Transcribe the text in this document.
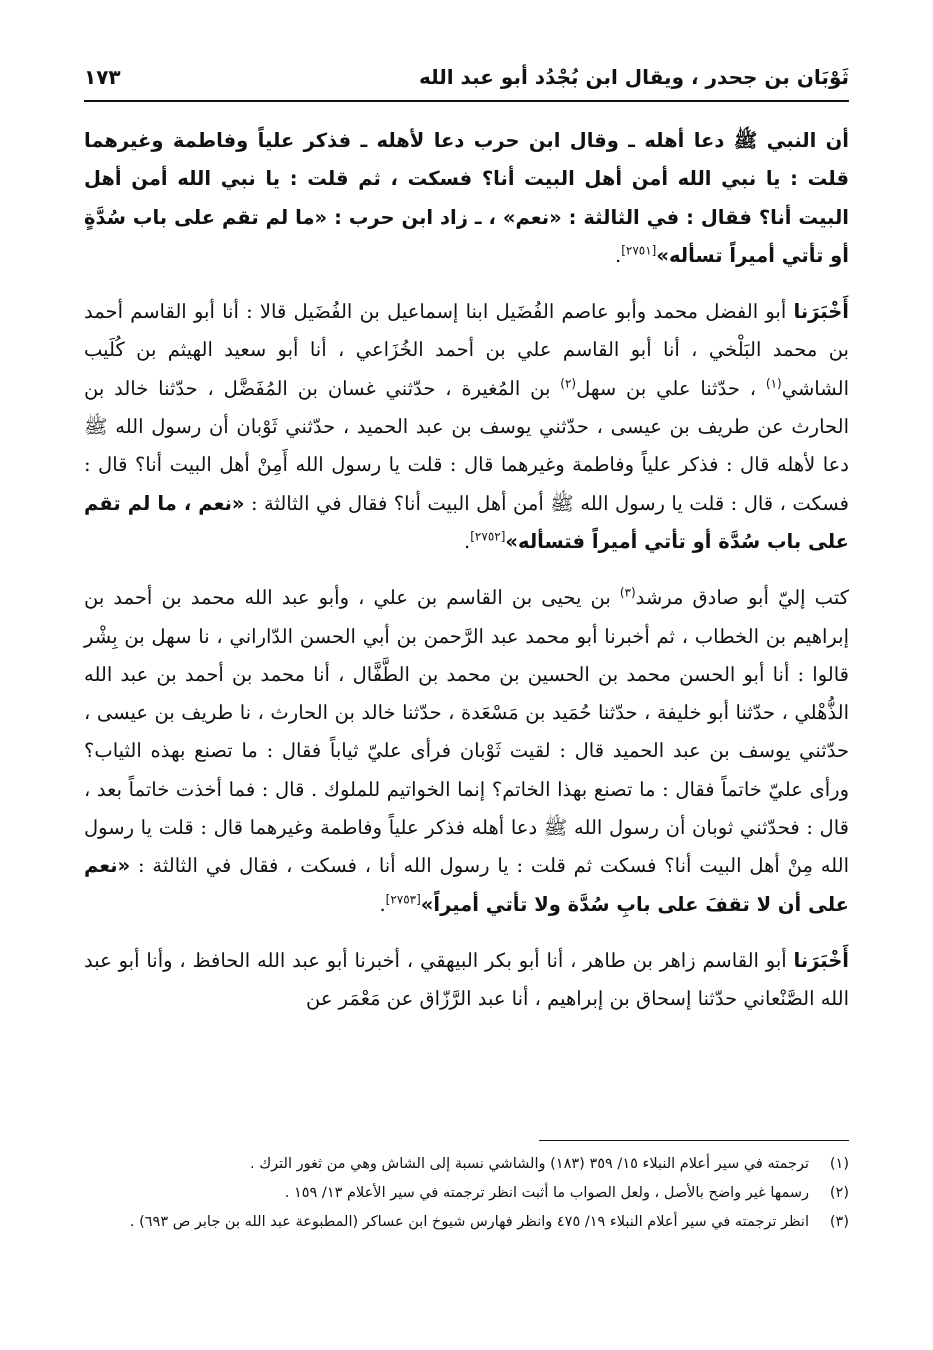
ثَوْبَان بن جحدر ، ويقال ابن بُجْدُد أبو عبد الله
١٧٣

أن النبي ﷺ دعا أهله ـ وقال ابن حرب دعا لأهله ـ فذكر علياً وفاطمة وغيرهما قلت : يا نبي الله أمن أهل البيت أنا؟ فسكت ، ثم قلت : يا نبي الله أمن أهل البيت أنا؟ فقال : في الثالثة : «نعم» ، ـ زاد ابن حرب : «ما لم تقم على باب سُدَّةٍ أو تأتي أميراً تسأله»[٢٧٥١].

أَخْبَرَنا أبو الفضل محمد وأبو عاصم الفُضَيل ابنا إسماعيل بن الفُضَيل قالا : أنا أبو القاسم أحمد بن محمد البَلْخي ، أنا أبو القاسم علي بن أحمد الخُزَاعي ، أنا أبو سعيد الهيثم بن كُلَيب الشاشي$^{(١)}$ ، حدّثنا علي بن سهل$^{(٢)}$ بن المُغيرة ، حدّثني غسان بن المُفَضَّل ، حدّثنا خالد بن الحارث عن طريف بن عيسى ، حدّثني يوسف بن عبد الحميد ، حدّثني ثَوْبان أن رسول الله ﷺ دعا لأهله قال : فذكر علياً وفاطمة وغيرهما قال : قلت يا رسول الله أَمِنْ أهل البيت أنا؟ قال : فسكت ، قال : قلت يا رسول الله ﷺ أمن أهل البيت أنا؟ فقال في الثالثة : «نعم ، ما لم تقم على باب سُدَّة أو تأتي أميراً فتسأله»[٢٧٥٢].

كتب إليّ أبو صادق مرشد$^{(٣)}$ بن يحيى بن القاسم بن علي ، وأبو عبد الله محمد بن أحمد بن إبراهيم بن الخطاب ، ثم أخبرنا أبو محمد عبد الرَّحمن بن أبي الحسن الدّاراني ، نا سهل بن بِشْر قالوا : أنا أبو الحسن محمد بن الحسين بن محمد بن الطَّفَّال ، أنا محمد بن أحمد بن عبد الله الذُّهْلي ، حدّثنا أبو خليفة ، حدّثنا حُمَيد بن مَسْعَدة ، حدّثنا خالد بن الحارث ، نا طريف بن عيسى ، حدّثني يوسف بن عبد الحميد قال : لقيت ثَوْبان فرأى عليّ ثياباً فقال : ما تصنع بهذه الثياب؟ ورأى عليّ خاتماً فقال : ما تصنع بهذا الخاتم؟ إنما الخواتيم للملوك . قال : فما أخذت خاتماً بعد ، قال : فحدّثني ثوبان أن رسول الله ﷺ دعا أهله فذكر علياً وفاطمة وغيرهما قال : قلت يا رسول الله مِنْ أهل البيت أنا؟ فسكت ثم قلت : يا رسول الله أنا ، فسكت ، فقال في الثالثة : «نعم على أن لا تقفَ على بابِ سُدَّة ولا تأتي أميراً»[٢٧٥٣].

أَخْبَرَنا أبو القاسم زاهر بن طاهر ، أنا أبو بكر البيهقي ، أخبرنا أبو عبد الله الحافظ ، وأنا أبو عبد الله الصَّنْعاني حدّثنا إسحاق بن إبراهيم ، أنا عبد الرَّزّاق عن مَعْمَر عن

(١)
ترجمته في سير أعلام النبلاء ١٥/ ٣٥٩ (١٨٣) والشاشي نسبة إلى الشاش وهي من ثغور الترك .
(٢)
رسمها غير واضح بالأصل ، ولعل الصواب ما أثبت انظر ترجمته في سير الأعلام ١٣/ ١٥٩ .
(٣)
انظر ترجمته في سير أعلام النبلاء ١٩/ ٤٧٥ وانظر فهارس شيوخ ابن عساكر (المطبوعة عبد الله بن جابر ص ٦٩٣) .
